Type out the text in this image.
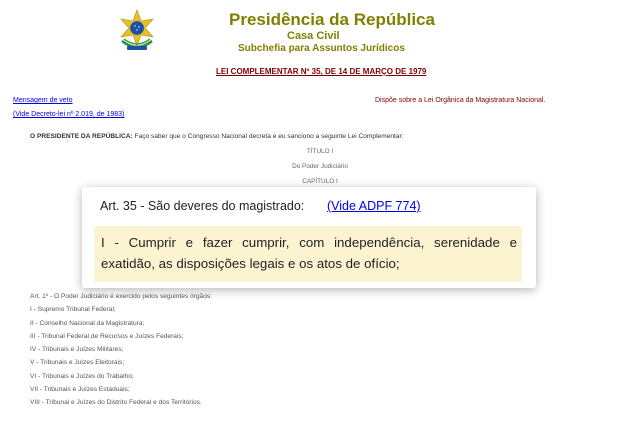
Presidência da República
Casa Civil
Subchefia para Assuntos Jurídicos
LEI COMPLEMENTAR Nº 35, DE 14 DE MARÇO DE 1979
Mensagem de veto
(Vide Decreto-lei nº 2.019, de 1983)
Dispõe sobre a Lei Orgânica da Magistratura Nacional.
O PRESIDENTE DA REPÚBLICA: Faço saber que o Congresso Nacional decreta e eu sanciono a seguinte Lei Complementar:
TÍTULO I
Do Poder Judiciário
CAPÍTULO I
Art. 1º - O Poder Judiciário é exercido pelos seguintes órgãos:
I - Supremo Tribunal Federal;
II - Conselho Nacional da Magistratura;
III - Tribunal Federal de Recursos e Juízes Federais;
IV - Tribunais e Juízes Militares;
V - Tribunais e Juízes Eleitorais;
VI - Tribunais e Juízes do Trabalho;
VII - Tribunais e Juízes Estaduais;
VIII - Tribunal e Juízes do Distrito Federal e dos Territórios.
Art. 35 - São deveres do magistrado: (Vide ADPF 774)
I - Cumprir e fazer cumprir, com independência, serenidade e exatidão, as disposições legais e os atos de ofício;
